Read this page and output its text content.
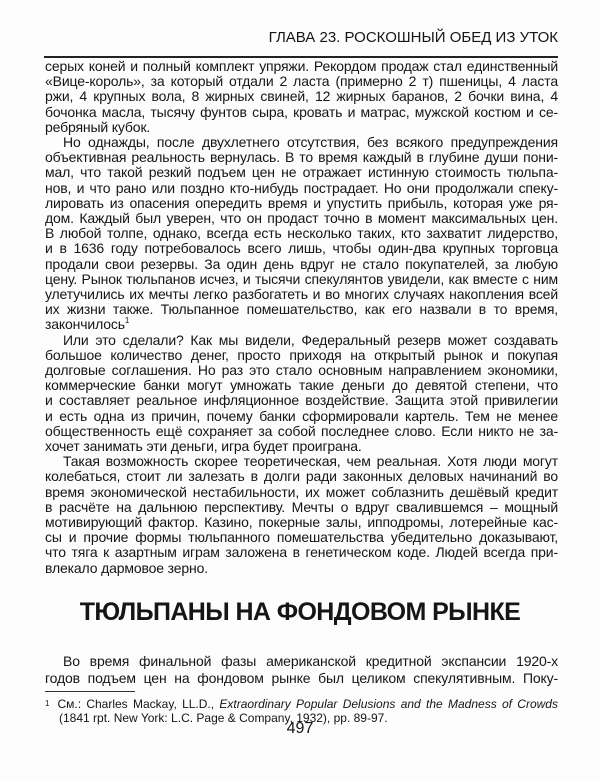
ГЛАВА 23. РОСКОШНЫЙ ОБЕД ИЗ УТОК
серых коней и полный комплект упряжи. Рекордом продаж стал единственный
«Вице-король», за который отдали 2 ласта (примерно 2 т) пшеницы, 4 ласта
ржи, 4 крупных вола, 8 жирных свиней, 12 жирных баранов, 2 бочки вина, 4
бочонка масла, тысячу фунтов сыра, кровать и матрас, мужской костюм и се-
ребряный кубок.
Но однажды, после двухлетнего отсутствия, без всякого предупреждения
объективная реальность вернулась. В то время каждый в глубине души пони-
мал, что такой резкий подъем цен не отражает истинную стоимость тюльпа-
нов, и что рано или поздно кто-нибудь пострадает. Но они продолжали спеку-
лировать из опасения опередить время и упустить прибыль, которая уже ря-
дом. Каждый был уверен, что он продаст точно в момент максимальных цен.
В любой толпе, однако, всегда есть несколько таких, кто захватит лидерство,
и в 1636 году потребовалось всего лишь, чтобы один-два крупных торговца
продали свои резервы. За один день вдруг не стало покупателей, за любую
цену. Рынок тюльпанов исчез, и тысячи спекулянтов увидели, как вместе с ним
улетучились их мечты легко разбогатеть и во многих случаях накопления всей
их жизни также. Тюльпанное помешательство, как его назвали в то время,
закончилось$^1$
Или это сделали? Как мы видели, Федеральный резерв может создавать
большое количество денег, просто приходя на открытый рынок и покупая
долговые соглашения. Но раз это стало основным направлением экономики,
коммерческие банки могут умножать такие деньги до девятой степени, что
и составляет реальное инфляционное воздействие. Защита этой привилегии
и есть одна из причин, почему банки сформировали картель. Тем не менее
общественность ещё сохраняет за собой последнее слово. Если никто не за-
хочет занимать эти деньги, игра будет проиграна.
Такая возможность скорее теоретическая, чем реальная. Хотя люди могут
колебаться, стоит ли залезать в долги ради законных деловых начинаний во
время экономической нестабильности, их может соблазнить дешёвый кредит
в расчёте на дальнюю перспективу. Мечты о вдруг свалившемся – мощный
мотивирующий фактор. Казино, покерные залы, ипподромы, лотерейные кас-
сы и прочие формы тюльпанного помешательства убедительно доказывают,
что тяга к азартным играм заложена в генетическом коде. Людей всегда при-
влекало дармовое зерно.
ТЮЛЬПАНЫ НА ФОНДОВОМ РЫНКЕ
Во время финальной фазы американской кредитной экспансии 1920-х
годов подъем цен на фондовом рынке был целиком спекулятивным. Поку-
$^1$ См.: Charles Mackay, LL.D., Extraordinary Popular Delusions and the Madness of Crowds
(1841 rpt. New York: L.C. Page & Company, 1932), pp. 89-97.
497
